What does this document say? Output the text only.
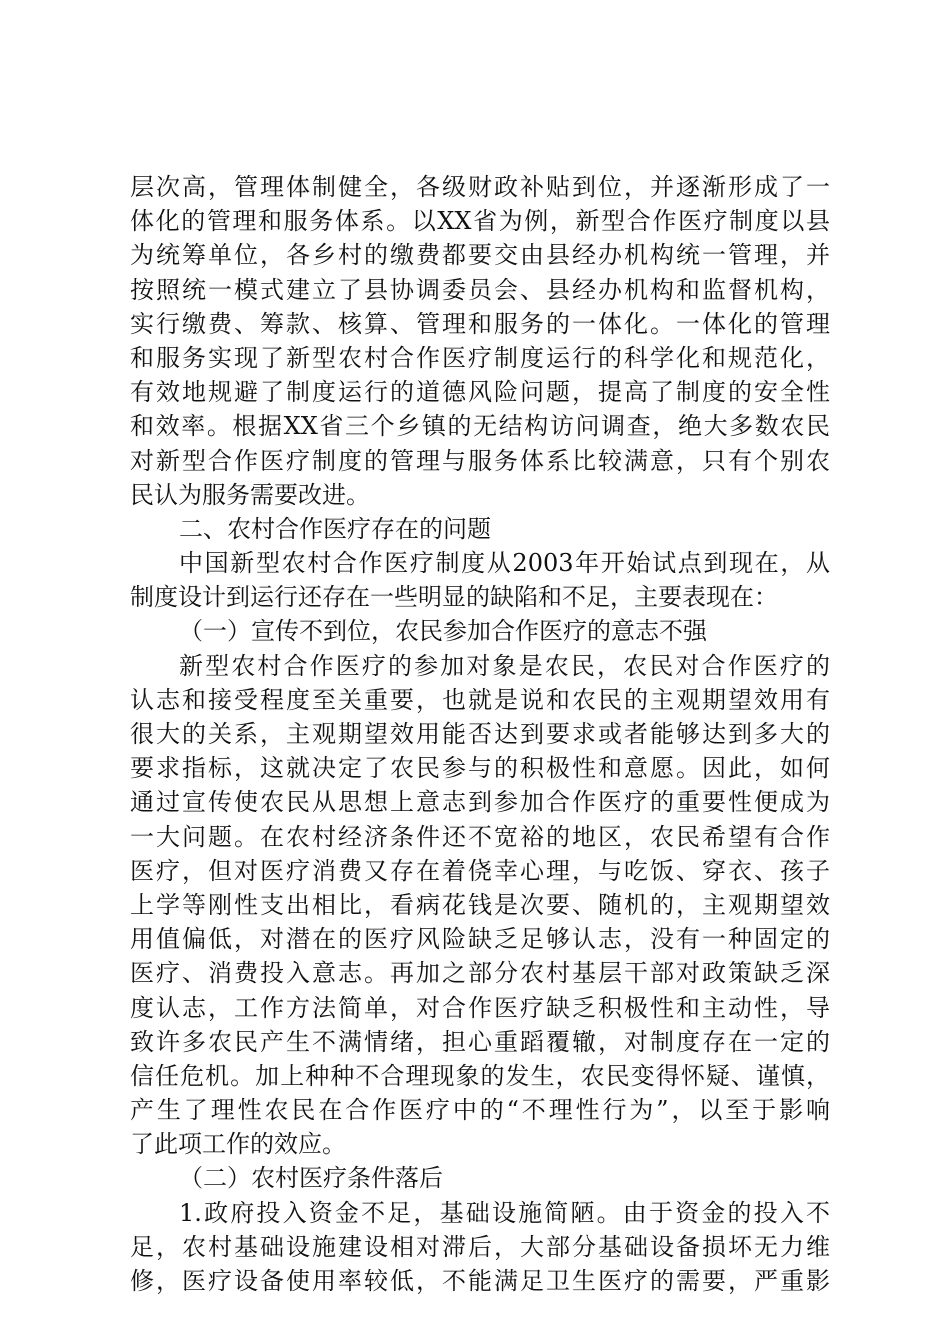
层次高，管理体制健全，各级财政补贴到位，并逐渐形成了一
体化的管理和服务体系。以XX省为例，新型合作医疗制度以县
为统筹单位，各乡村的缴费都要交由县经办机构统一管理，并
按照统一模式建立了县协调委员会、县经办机构和监督机构，
实行缴费、筹款、核算、管理和服务的一体化。一体化的管理
和服务实现了新型农村合作医疗制度运行的科学化和规范化，
有效地规避了制度运行的道德风险问题，提高了制度的安全性
和效率。根据XX省三个乡镇的无结构访问调查，绝大多数农民
对新型合作医疗制度的管理与服务体系比较满意，只有个别农
民认为服务需要改进。
二、农村合作医疗存在的问题
中国新型农村合作医疗制度从2003年开始试点到现在，从
制度设计到运行还存在一些明显的缺陷和不足，主要表现在：
（一）宣传不到位，农民参加合作医疗的意志不强
新型农村合作医疗的参加对象是农民，农民对合作医疗的
认志和接受程度至关重要，也就是说和农民的主观期望效用有
很大的关系，主观期望效用能否达到要求或者能够达到多大的
要求指标，这就决定了农民参与的积极性和意愿。因此，如何
通过宣传使农民从思想上意志到参加合作医疗的重要性便成为
一大问题。在农村经济条件还不宽裕的地区，农民希望有合作
医疗，但对医疗消费又存在着侥幸心理，与吃饭、穿衣、孩子
上学等刚性支出相比，看病花钱是次要、随机的，主观期望效
用值偏低，对潜在的医疗风险缺乏足够认志，没有一种固定的
医疗、消费投入意志。再加之部分农村基层干部对政策缺乏深
度认志，工作方法简单，对合作医疗缺乏积极性和主动性，导
致许多农民产生不满情绪，担心重蹈覆辙，对制度存在一定的
信任危机。加上种种不合理现象的发生，农民变得怀疑、谨慎，
产生了理性农民在合作医疗中的“不理性行为”，以至于影响
了此项工作的效应。
（二）农村医疗条件落后
1.政府投入资金不足，基础设施简陋。由于资金的投入不
足，农村基础设施建设相对滞后，大部分基础设备损坏无力维
修，医疗设备使用率较低，不能满足卫生医疗的需要，严重影
